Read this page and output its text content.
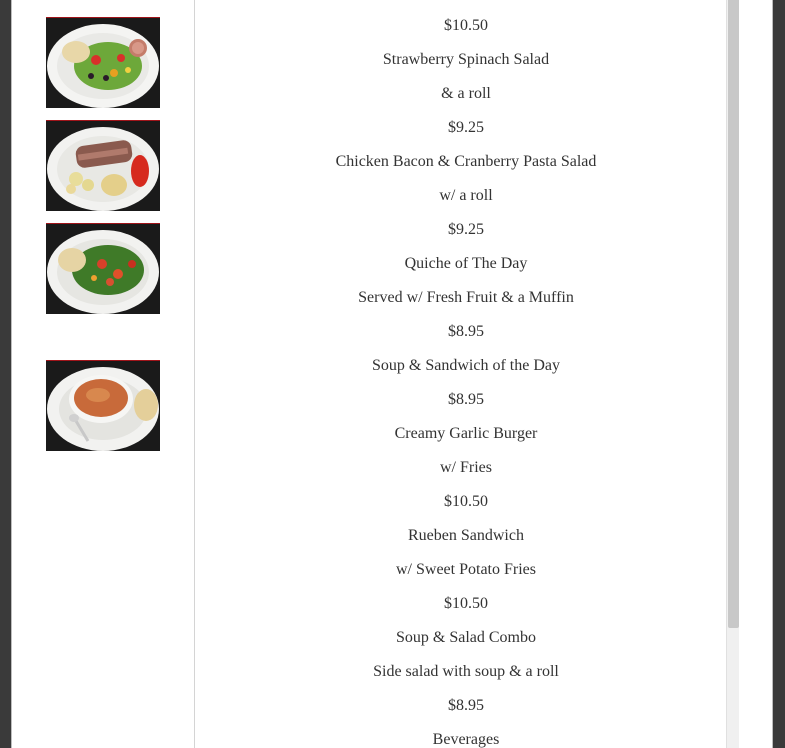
$10.50
Strawberry Spinach Salad
& a roll
$9.25
Chicken Bacon & Cranberry Pasta Salad
w/ a roll
$9.25
Quiche of The Day
Served w/ Fresh Fruit & a Muffin
$8.95
Soup & Sandwich of the Day
$8.95
Creamy Garlic Burger
w/ Fries
$10.50
Rueben Sandwich
w/ Sweet Potato Fries
$10.50
Soup & Salad Combo
Side salad with soup & a roll
$8.95
Beverages
